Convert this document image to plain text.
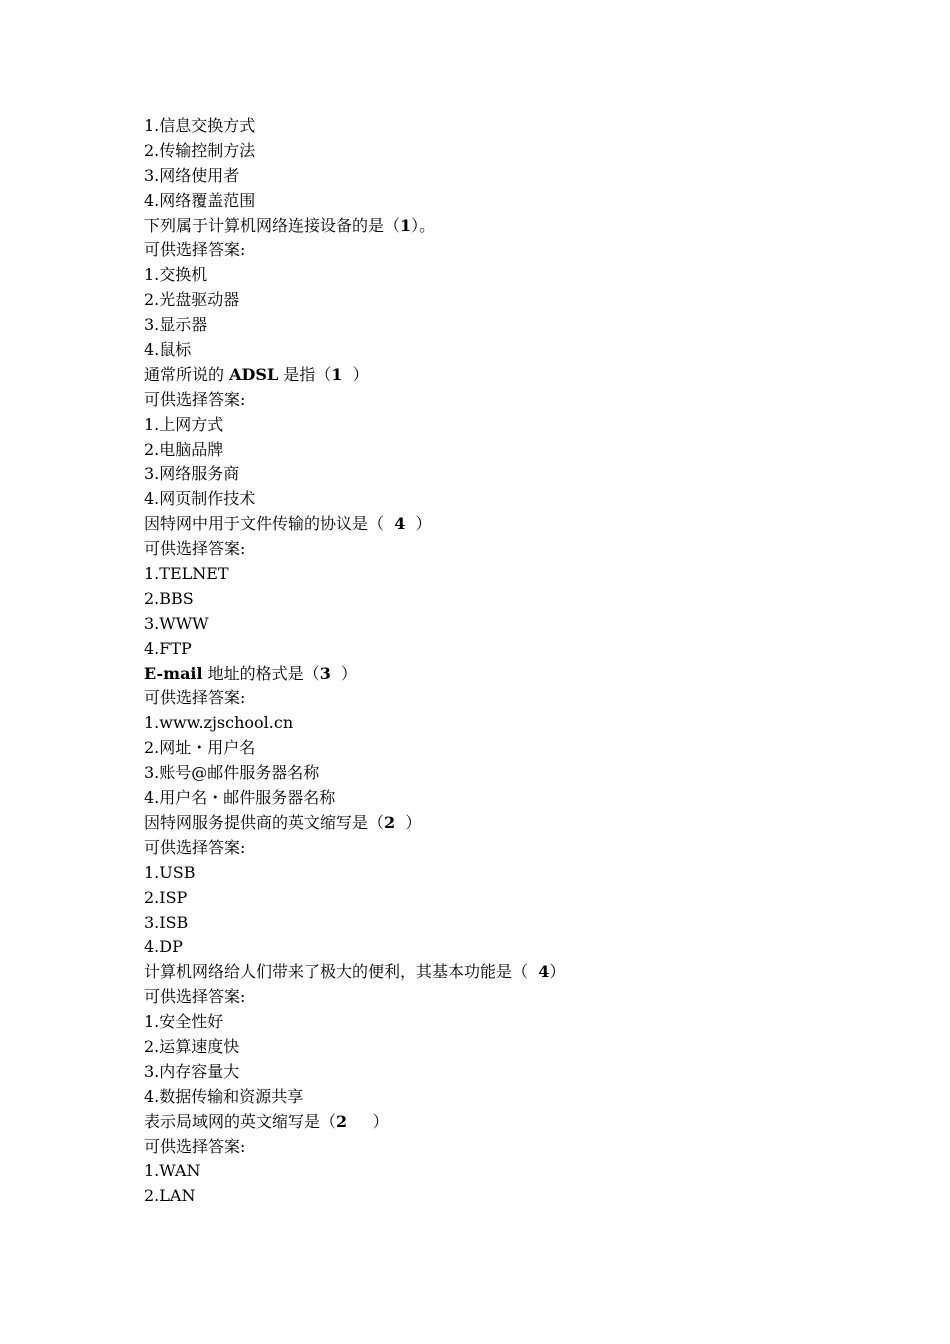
1.信息交换方式
2.传输控制方法
3.网络使用者
4.网络覆盖范围
下列属于计算机网络连接设备的是（1）。
可供选择答案:
1.交换机
2.光盘驱动器
3.显示器
4.鼠标
通常所说的 ADSL 是指（1  ）
可供选择答案:
1.上网方式
2.电脑品牌
3.网络服务商
4.网页制作技术
因特网中用于文件传输的协议是（  4  ）
可供选择答案:
1.TELNET
2.BBS
3.WWW
4.FTP
E-mail 地址的格式是（3  ）
可供选择答案:
1.www.zjschool.cn
2.网址・用户名
3.账号@邮件服务器名称
4.用户名・邮件服务器名称
因特网服务提供商的英文缩写是（2  ）
可供选择答案:
1.USB
2.ISP
3.ISB
4.DP
计算机网络给人们带来了极大的便利，其基本功能是（  4）
可供选择答案:
1.安全性好
2.运算速度快
3.内存容量大
4.数据传输和资源共享
表示局域网的英文缩写是（2     ）
可供选择答案:
1.WAN
2.LAN
